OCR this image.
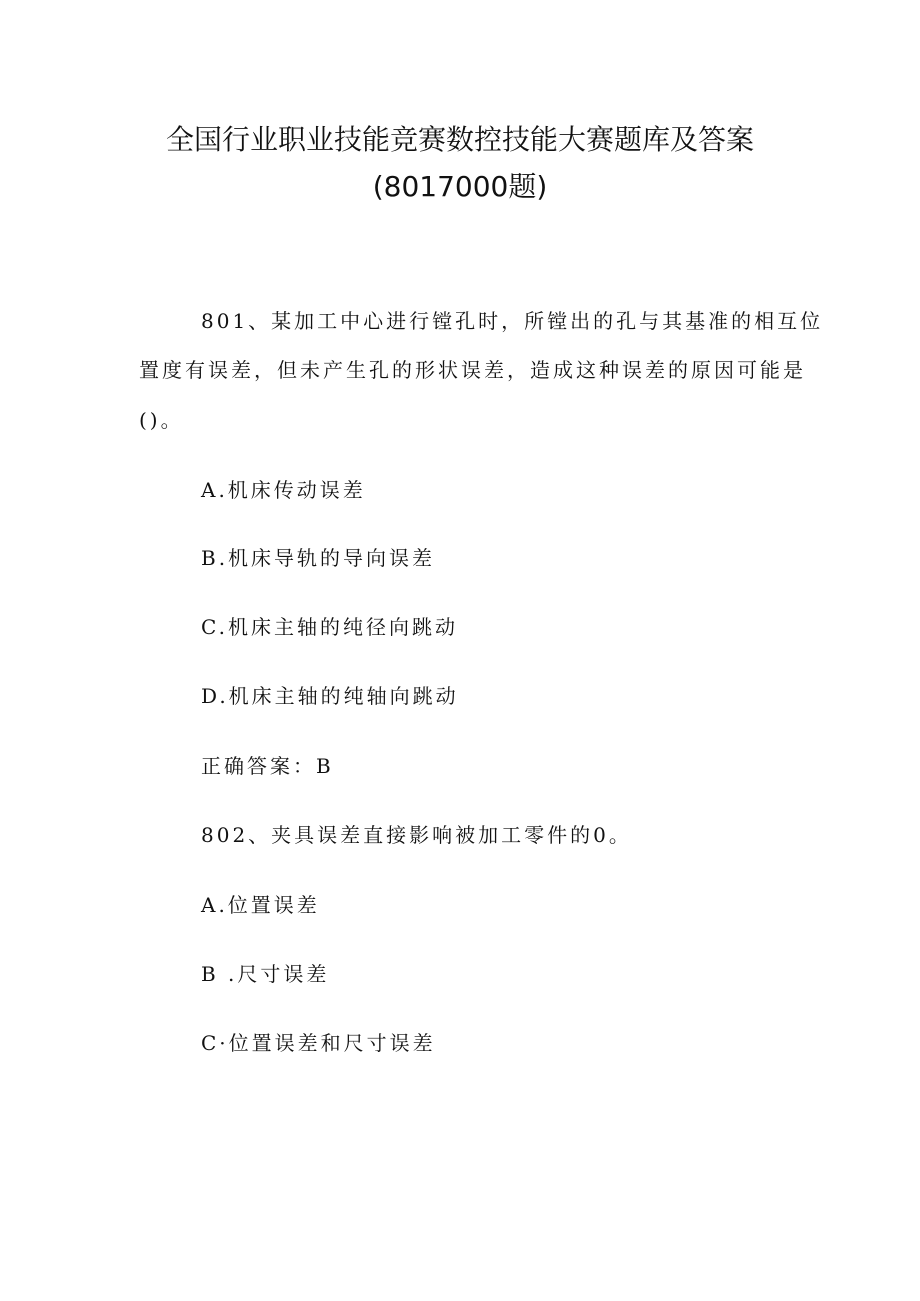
全国行业职业技能竞赛数控技能大赛题库及答案
(8017000题)
801、某加工中心进行镗孔时，所镗出的孔与其基准的相互位
置度有误差，但未产生孔的形状误差，造成这种误差的原因可能是
()。
A.机床传动误差
B.机床导轨的导向误差
C.机床主轴的纯径向跳动
D.机床主轴的纯轴向跳动
正确答案：B
802、夹具误差直接影响被加工零件的0。
A.位置误差
B .尺寸误差
C·位置误差和尺寸误差
